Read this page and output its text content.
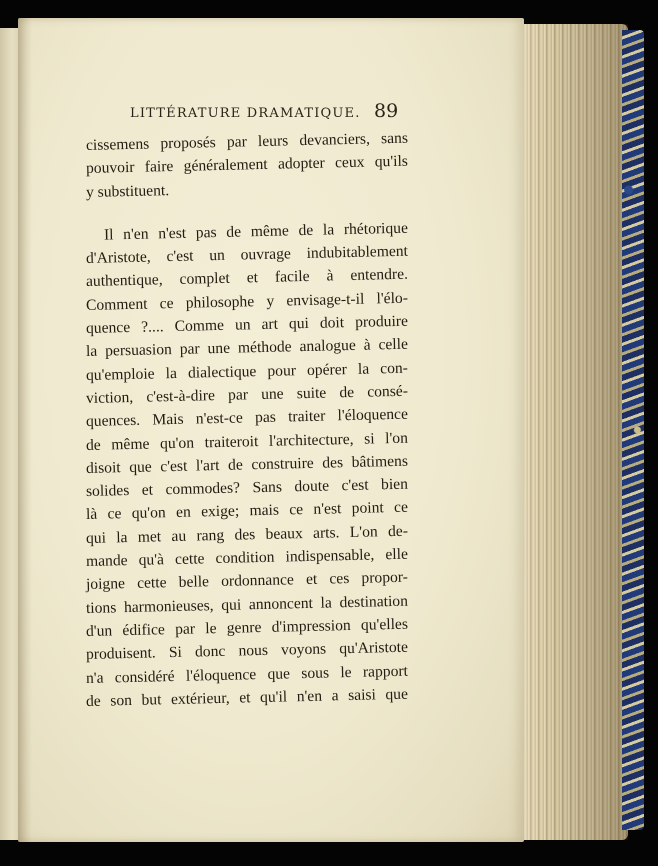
LITTÉRATURE DRAMATIQUE. 89
cissemens proposés par leurs devanciers, sans
pouvoir faire généralement adopter ceux qu'ils
y substituent.
Il n'en n'est pas de même de la rhétorique
d'Aristote, c'est un ouvrage indubitablement
authentique, complet et facile à entendre.
Comment ce philosophe y envisage-t-il l'élo-
quence ?.... Comme un art qui doit produire
la persuasion par une méthode analogue à celle
qu'emploie la dialectique pour opérer la con-
viction, c'est-à-dire par une suite de consé-
quences. Mais n'est-ce pas traiter l'éloquence
de même qu'on traiteroit l'architecture, si l'on
disoit que c'est l'art de construire des bâtimens
solides et commodes? Sans doute c'est bien
là ce qu'on en exige; mais ce n'est point ce
qui la met au rang des beaux arts. L'on de-
mande qu'à cette condition indispensable, elle
joigne cette belle ordonnance et ces propor-
tions harmonieuses, qui annoncent la destination
d'un édifice par le genre d'impression qu'elles
produisent. Si donc nous voyons qu'Aristote
n'a considéré l'éloquence que sous le rapport
de son but extérieur, et qu'il n'en a saisi que
